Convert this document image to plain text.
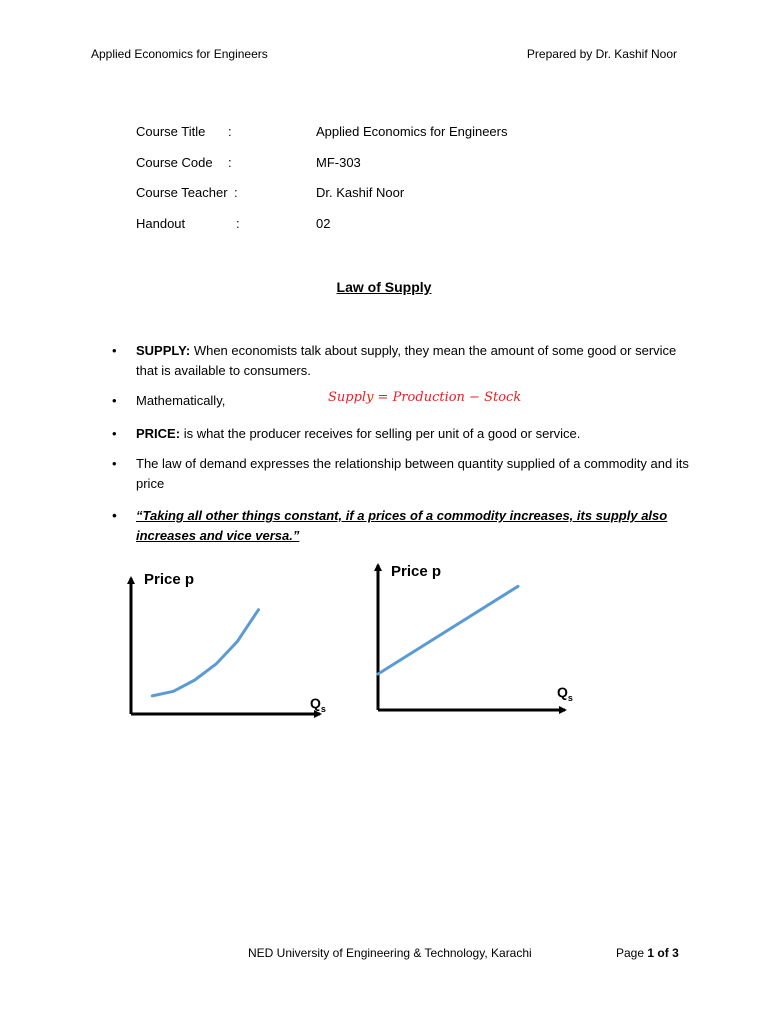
Applied Economics for Engineers	Prepared by Dr. Kashif Noor
Course Title :	Applied Economics for Engineers
Course Code :	MF-303
Course Teacher :	Dr. Kashif Noor
Handout	:	02
Law of Supply
• SUPPLY: When economists talk about supply, they mean the amount of some good or service that is available to consumers.
• Mathematically,	Supply = Production − Stock
• PRICE: is what the producer receives for selling per unit of a good or service.
• The law of demand expresses the relationship between quantity supplied of a commodity and its price
• “Taking all other things constant, if a prices of a commodity increases, its supply also increases and vice versa.”
Price p
$Q_s$
Price p
$Q_s$
NED University of Engineering & Technology, Karachi	Page 1 of 3
